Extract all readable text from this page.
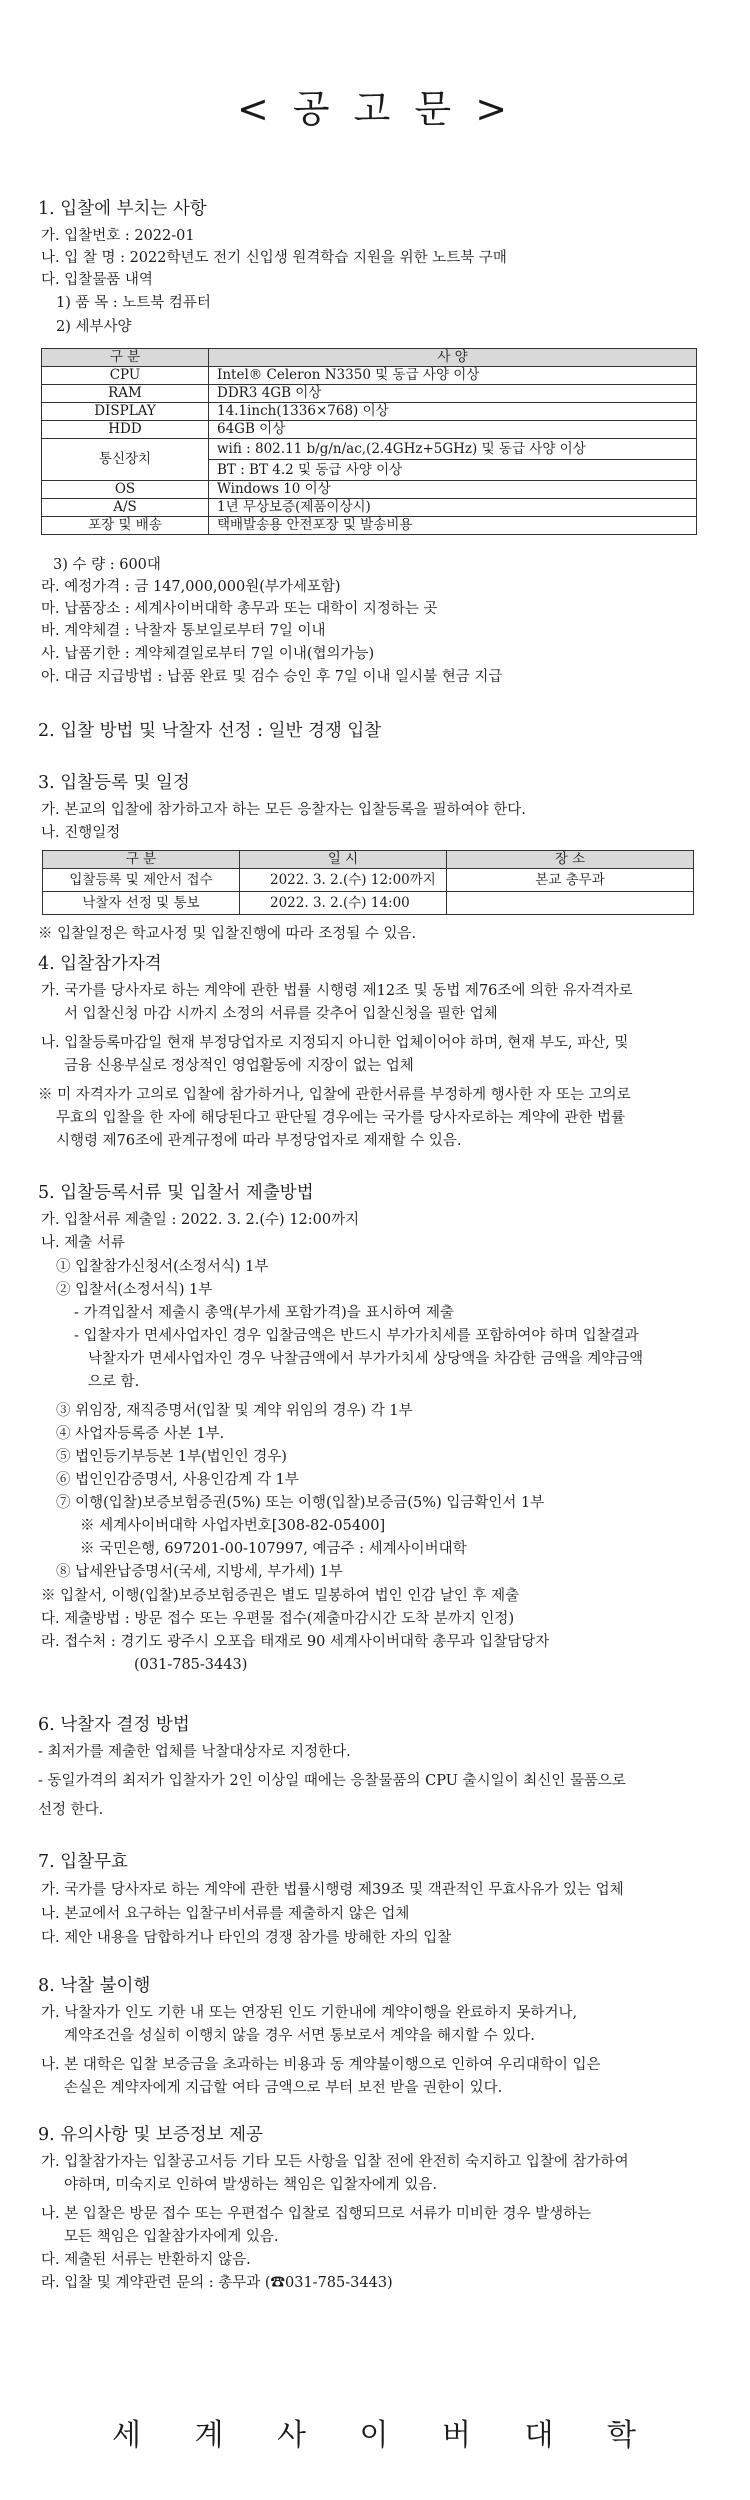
< 공 고 문 >
1. 입찰에 부치는 사항
가. 입찰번호 : 2022-01
나. 입 찰 명 : 2022학년도 전기 신입생 원격학습 지원을 위한 노트북 구매
다. 입찰물품 내역
1) 품 목 : 노트북 컴퓨터
2) 세부사양
구 분	사 양
CPU	Intel® Celeron N3350 및 동급 사양 이상
RAM	DDR3 4GB 이상
DISPLAY	14.1inch(1336×768) 이상
HDD	64GB 이상
통신장치	wifi : 802.11 b/g/n/ac,(2.4GHz+5GHz) 및 동급 사양 이상
	BT : BT 4.2 및 동급 사양 이상
OS	Windows 10 이상
A/S	1년 무상보증(제품이상시)
포장 및 배송	택배발송용 안전포장 및 발송비용
3) 수 량 : 600대
라. 예정가격 : 금 147,000,000원(부가세포함)
마. 납품장소 : 세계사이버대학 총무과 또는 대학이 지정하는 곳
바. 계약체결 : 낙찰자 통보일로부터 7일 이내
사. 납품기한 : 계약체결일로부터 7일 이내(협의가능)
아. 대금 지급방법 : 납품 완료 및 검수 승인 후 7일 이내 일시불 현금 지급
2. 입찰 방법 및 낙찰자 선정 : 일반 경쟁 입찰
3. 입찰등록 및 일정
가. 본교의 입찰에 참가하고자 하는 모든 응찰자는 입찰등록을 필하여야 한다.
나. 진행일정
구 분	일 시	장 소
입찰등록 및 제안서 접수	2022. 3. 2.(수) 12:00까지	본교 총무과
낙찰자 선정 및 통보	2022. 3. 2.(수) 14:00	
※ 입찰일정은 학교사정 및 입찰진행에 따라 조정될 수 있음.
4. 입찰참가자격
가. 국가를 당사자로 하는 계약에 관한 법률 시행령 제12조 및 동법 제76조에 의한 유자격자로
서 입찰신청 마감 시까지 소정의 서류를 갖추어 입찰신청을 필한 업체
나. 입찰등록마감일 현재 부정당업자로 지정되지 아니한 업체이어야 하며, 현재 부도, 파산, 및
금융 신용부실로 정상적인 영업활동에 지장이 없는 업체
※ 미 자격자가 고의로 입찰에 참가하거나, 입찰에 관한서류를 부정하게 행사한 자 또는 고의로
무효의 입찰을 한 자에 해당된다고 판단될 경우에는 국가를 당사자로하는 계약에 관한 법률
시행령 제76조에 관계규정에 따라 부정당업자로 제재할 수 있음.
5. 입찰등록서류 및 입찰서 제출방법
가. 입찰서류 제출일 : 2022. 3. 2.(수) 12:00까지
나. 제출 서류
① 입찰참가신청서(소정서식) 1부
② 입찰서(소정서식) 1부
- 가격입찰서 제출시 총액(부가세 포함가격)을 표시하여 제출
- 입찰자가 면세사업자인 경우 입찰금액은 반드시 부가가치세를 포함하여야 하며 입찰결과
낙찰자가 면세사업자인 경우 낙찰금액에서 부가가치세 상당액을 차감한 금액을 계약금액
으로 함.
③ 위임장, 재직증명서(입찰 및 계약 위임의 경우) 각 1부
④ 사업자등록증 사본 1부.
⑤ 법인등기부등본 1부(법인인 경우)
⑥ 법인인감증명서, 사용인감계 각 1부
⑦ 이행(입찰)보증보험증권(5%) 또는 이행(입찰)보증금(5%) 입금확인서 1부
※ 세계사이버대학 사업자번호[308-82-05400]
※ 국민은행, 697201-00-107997, 예금주 : 세계사이버대학
⑧ 납세완납증명서(국세, 지방세, 부가세) 1부
※ 입찰서, 이행(입찰)보증보험증권은 별도 밀봉하여 법인 인감 날인 후 제출
다. 제출방법 : 방문 접수 또는 우편물 접수(제출마감시간 도착 분까지 인정)
라. 접수처 : 경기도 광주시 오포읍 태재로 90 세계사이버대학 총무과 입찰담당자
(031-785-3443)
6. 낙찰자 결정 방법
- 최저가를 제출한 업체를 낙찰대상자로 지정한다.
- 동일가격의 최저가 입찰자가 2인 이상일 때에는 응찰물품의 CPU 출시일이 최신인 물품으로
선정 한다.
7. 입찰무효
가. 국가를 당사자로 하는 계약에 관한 법률시행령 제39조 및 객관적인 무효사유가 있는 업체
나. 본교에서 요구하는 입찰구비서류를 제출하지 않은 업체
다. 제안 내용을 담합하거나 타인의 경쟁 참가를 방해한 자의 입찰
8. 낙찰 불이행
가. 낙찰자가 인도 기한 내 또는 연장된 인도 기한내에 계약이행을 완료하지 못하거나,
계약조건을 성실히 이행치 않을 경우 서면 통보로서 계약을 해지할 수 있다.
나. 본 대학은 입찰 보증금을 초과하는 비용과 동 계약불이행으로 인하여 우리대학이 입은
손실은 계약자에게 지급할 여타 금액으로 부터 보전 받을 권한이 있다.
9. 유의사항 및 보증정보 제공
가. 입찰참가자는 입찰공고서등 기타 모든 사항을 입찰 전에 완전히 숙지하고 입찰에 참가하여
야하며, 미숙지로 인하여 발생하는 책임은 입찰자에게 있음.
나. 본 입찰은 방문 접수 또는 우편접수 입찰로 집행되므로 서류가 미비한 경우 발생하는
모든 책임은 입찰참가자에게 있음.
다. 제출된 서류는 반환하지 않음.
라. 입찰 및 계약관련 문의 : 총무과 (☎031-785-3443)
세 계 사 이 버 대 학
